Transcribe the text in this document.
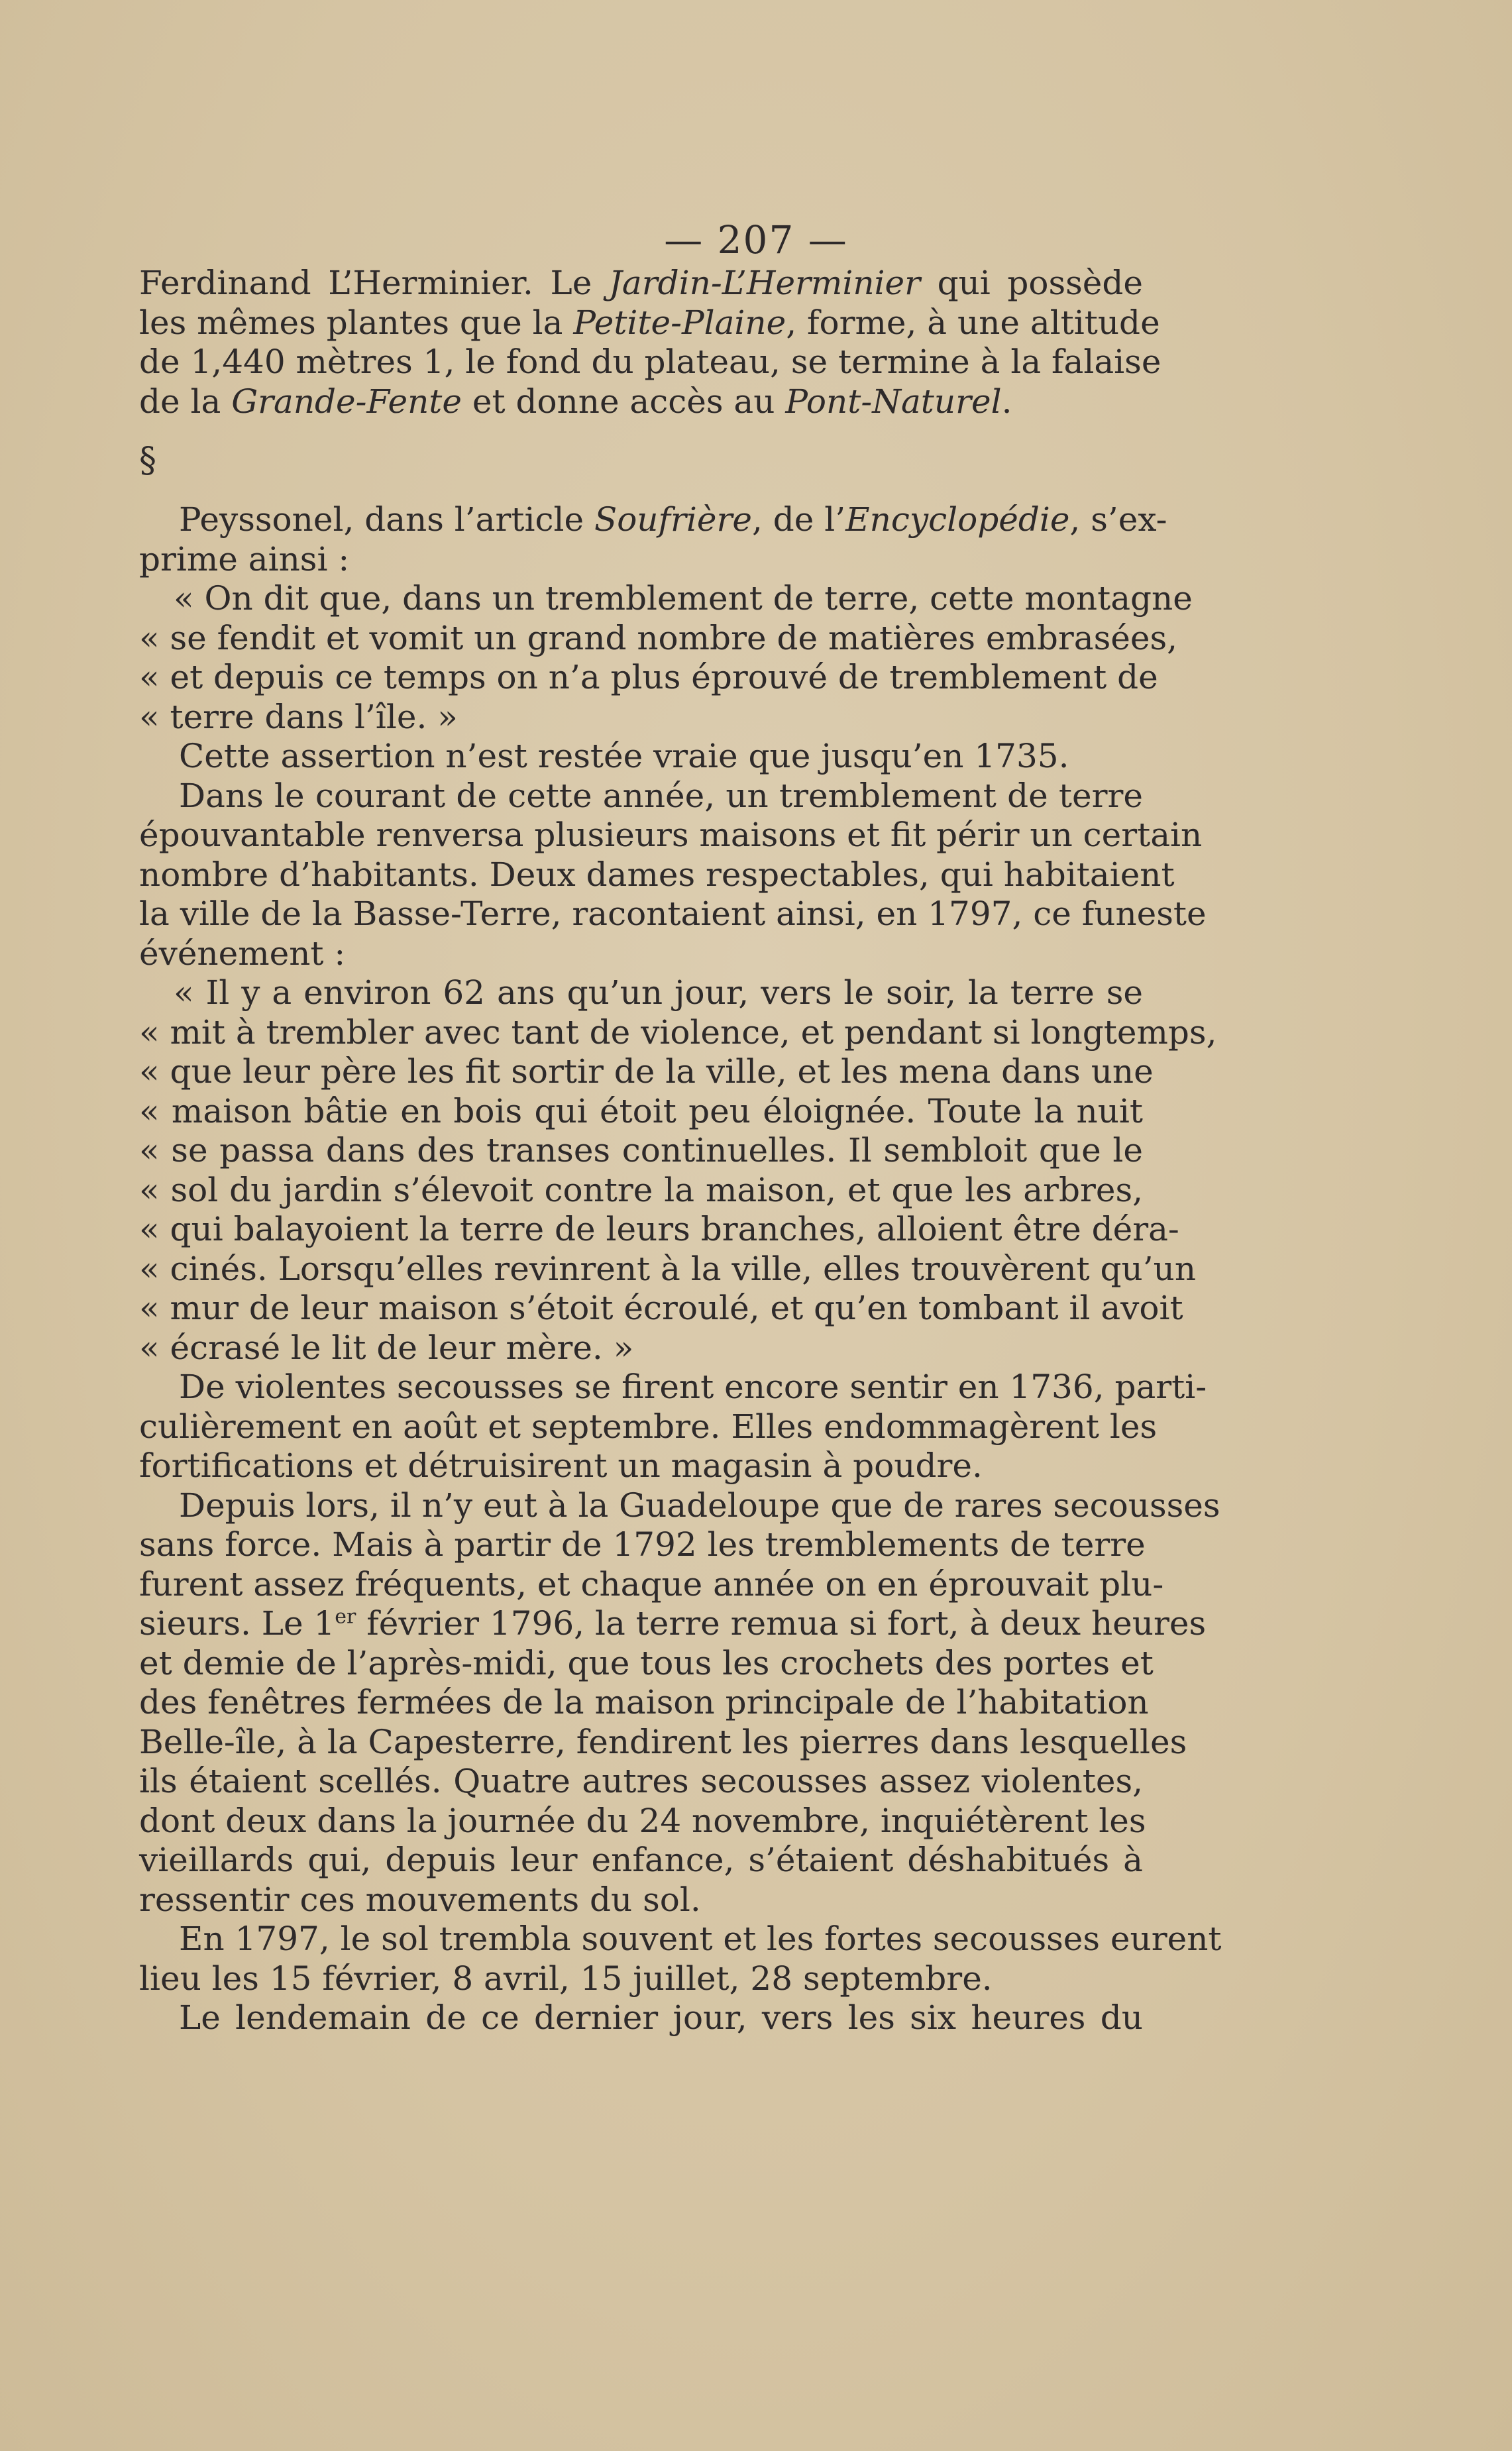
— 207 —
Ferdinand L’Herminier. Le Jardin-L’Herminier qui possède
les mêmes plantes que la Petite-Plaine, forme, à une altitude
de 1,440 mètres 1, le fond du plateau, se termine à la falaise
de la Grande-Fente et donne accès au Pont-Naturel.
§
Peyssonel, dans l’article Soufrière, de l’Encyclopédie, s’ex-
prime ainsi :
« On dit que, dans un tremblement de terre, cette montagne
« se fendit et vomit un grand nombre de matières embrasées,
« et depuis ce temps on n’a plus éprouvé de tremblement de
« terre dans l’île. »
Cette assertion n’est restée vraie que jusqu’en 1735.
Dans le courant de cette année, un tremblement de terre
épouvantable renversa plusieurs maisons et fit périr un certain
nombre d’habitants. Deux dames respectables, qui habitaient
la ville de la Basse-Terre, racontaient ainsi, en 1797, ce funeste
événement :
« Il y a environ 62 ans qu’un jour, vers le soir, la terre se
« mit à trembler avec tant de violence, et pendant si longtemps,
« que leur père les fit sortir de la ville, et les mena dans une
« maison bâtie en bois qui étoit peu éloignée. Toute la nuit
« se passa dans des transes continuelles. Il sembloit que le
« sol du jardin s’élevoit contre la maison, et que les arbres,
« qui balayoient la terre de leurs branches, alloient être déra-
« cinés. Lorsqu’elles revinrent à la ville, elles trouvèrent qu’un
« mur de leur maison s’étoit écroulé, et qu’en tombant il avoit
« écrasé le lit de leur mère. »
De violentes secousses se firent encore sentir en 1736, parti-
culièrement en août et septembre. Elles endommagèrent les
fortifications et détruisirent un magasin à poudre.
Depuis lors, il n’y eut à la Guadeloupe que de rares secousses
sans force. Mais à partir de 1792 les tremblements de terre
furent assez fréquents, et chaque année on en éprouvait plu-
sieurs. Le 1er février 1796, la terre remua si fort, à deux heures
et demie de l’après-midi, que tous les crochets des portes et
des fenêtres fermées de la maison principale de l’habitation
Belle-île, à la Capesterre, fendirent les pierres dans lesquelles
ils étaient scellés. Quatre autres secousses assez violentes,
dont deux dans la journée du 24 novembre, inquiétèrent les
vieillards qui, depuis leur enfance, s’étaient déshabitués à
ressentir ces mouvements du sol.
En 1797, le sol trembla souvent et les fortes secousses eurent
lieu les 15 février, 8 avril, 15 juillet, 28 septembre.
Le lendemain de ce dernier jour, vers les six heures du
